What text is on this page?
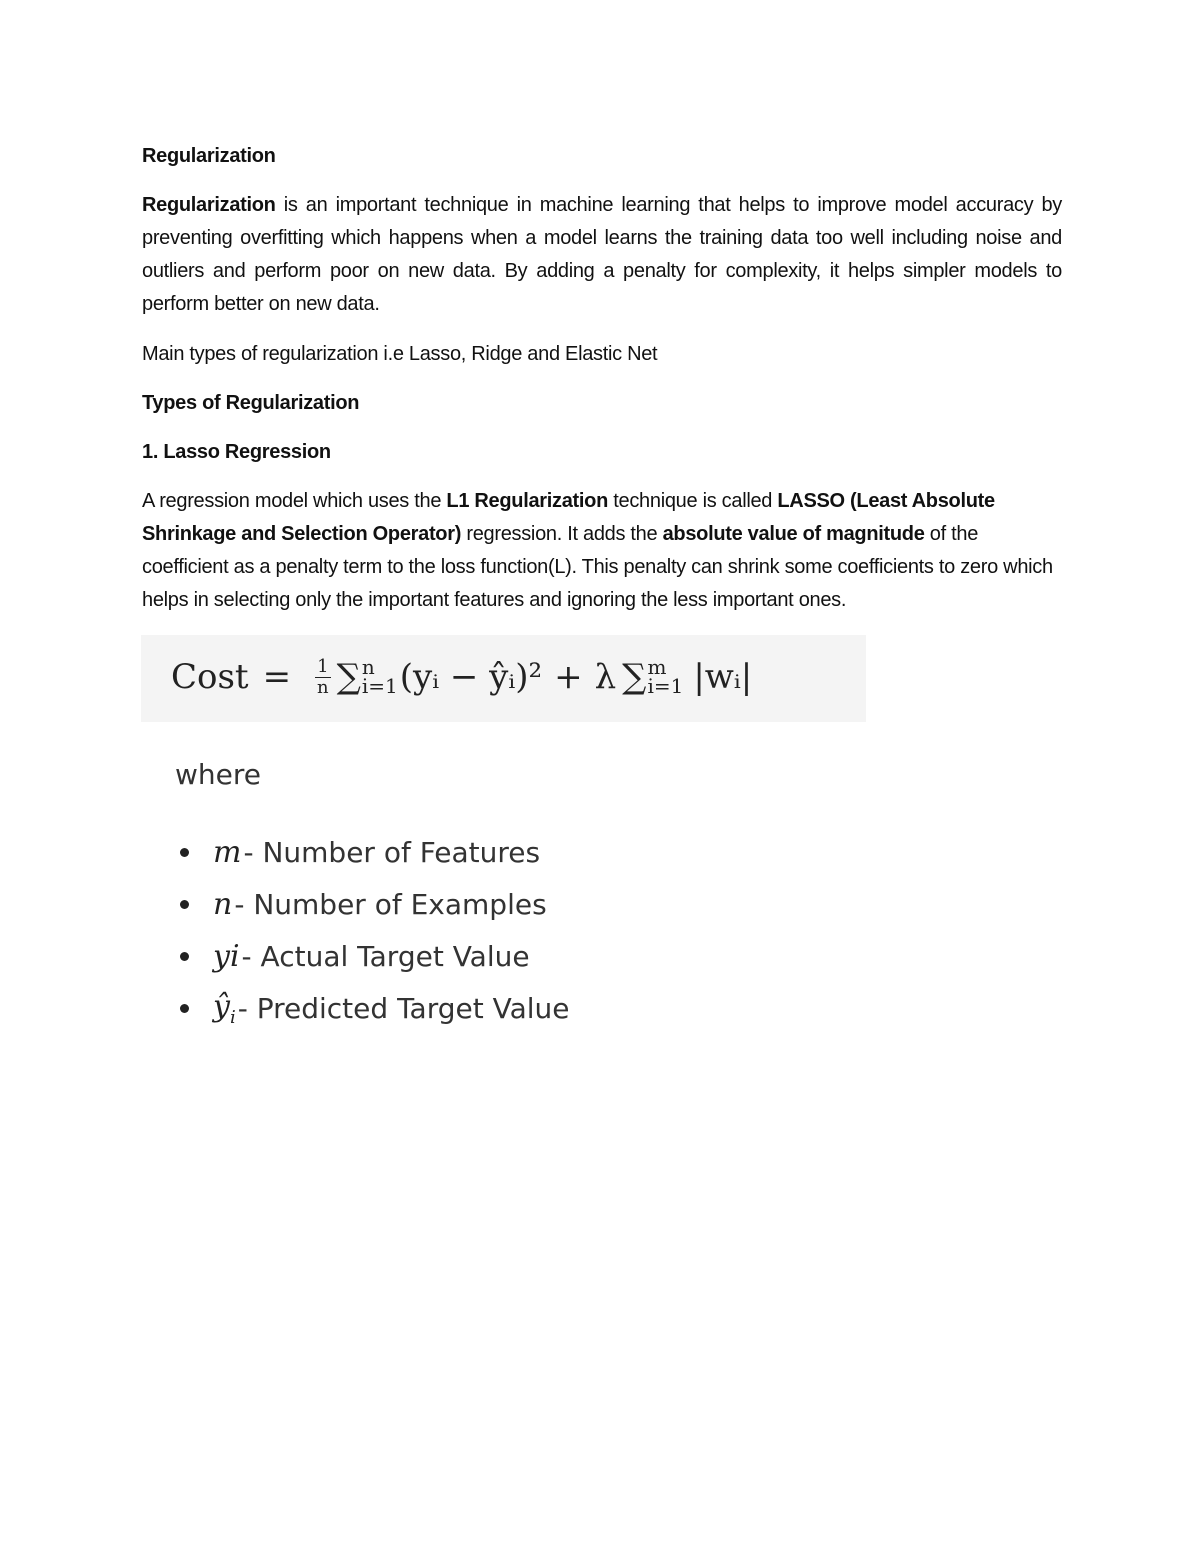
Regularization
Regularization is an important technique in machine learning that helps to improve model accuracy by preventing overfitting which happens when a model learns the training data too well including noise and outliers and perform poor on new data. By adding a penalty for complexity, it helps simpler models to perform better on new data.
Main types of regularization i.e Lasso, Ridge and Elastic Net
Types of Regularization
1. Lasso Regression
A regression model which uses the L1 Regularization technique is called LASSO (Least Absolute Shrinkage and Selection Operator) regression. It adds the absolute value of magnitude of the coefficient as a penalty term to the loss function(L). This penalty can shrink some coefficients to zero which helps in selecting only the important features and ignoring the less important ones.
Cost = $\frac{1}{n}$ ∑ n
i=1 (yᵢ − ŷᵢ)² + λ ∑ m
i=1 |wᵢ|
where
m - Number of Features
n - Number of Examples
yi - Actual Target Value
$ŷ_i$ - Predicted Target Value
